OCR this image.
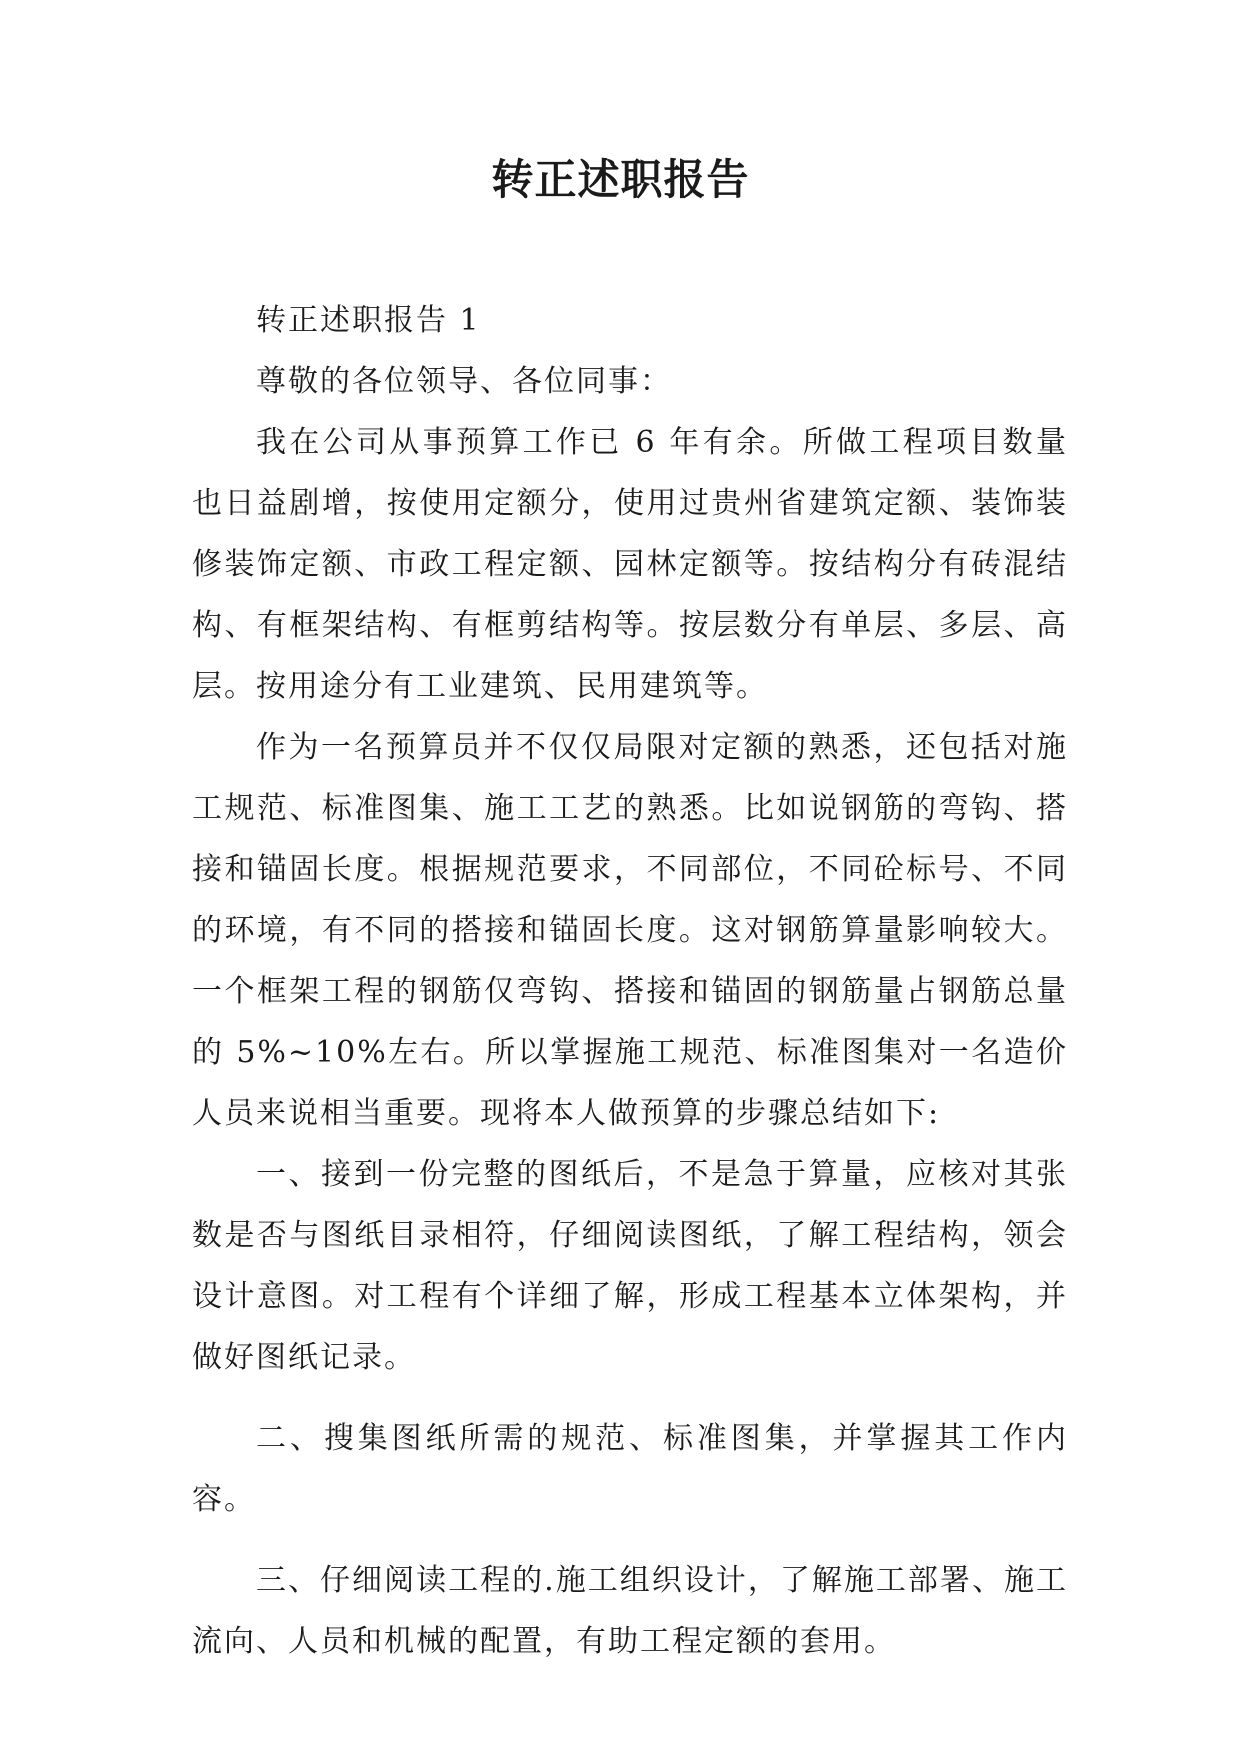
转正述职报告

转正述职报告 1

尊敬的各位领导、各位同事：

我在公司从事预算工作已 6 年有余。所做工程项目数量也日益剧增，按使用定额分，使用过贵州省建筑定额、装饰装修装饰定额、市政工程定额、园林定额等。按结构分有砖混结构、有框架结构、有框剪结构等。按层数分有单层、多层、高层。按用途分有工业建筑、民用建筑等。

作为一名预算员并不仅仅局限对定额的熟悉，还包括对施工规范、标准图集、施工工艺的熟悉。比如说钢筋的弯钩、搭接和锚固长度。根据规范要求，不同部位，不同砼标号、不同的环境，有不同的搭接和锚固长度。这对钢筋算量影响较大。一个框架工程的钢筋仅弯钩、搭接和锚固的钢筋量占钢筋总量的 5%~10%左右。所以掌握施工规范、标准图集对一名造价人员来说相当重要。现将本人做预算的步骤总结如下:

一、接到一份完整的图纸后，不是急于算量，应核对其张数是否与图纸目录相符，仔细阅读图纸，了解工程结构，领会设计意图。对工程有个详细了解，形成工程基本立体架构，并做好图纸记录。

二、搜集图纸所需的规范、标准图集，并掌握其工作内容。

三、仔细阅读工程的.施工组织设计，了解施工部署、施工流向、人员和机械的配置，有助工程定额的套用。
